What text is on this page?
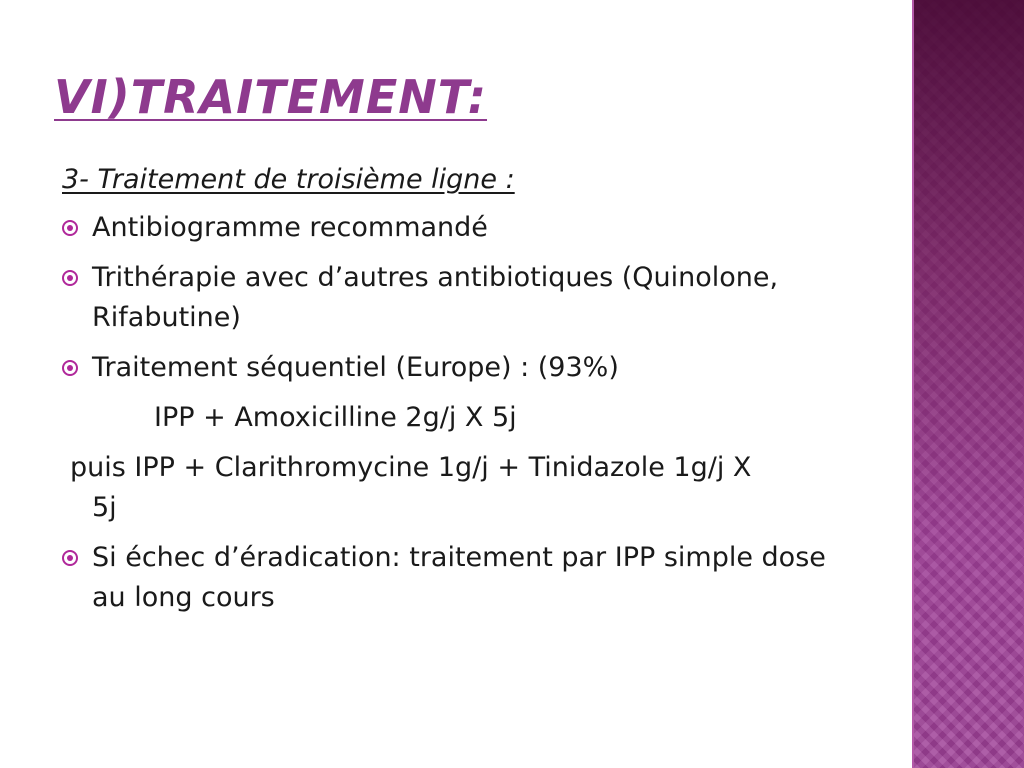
VI)TRAITEMENT:
3- Traitement de troisième ligne :
Antibiogramme recommandé
Trithérapie avec d’autres antibiotiques (Quinolone, Rifabutine)
Traitement séquentiel (Europe) : (93%)
IPP + Amoxicilline 2g/j X 5j
puis IPP + Clarithromycine 1g/j + Tinidazole 1g/j X
5j
Si échec d’éradication: traitement par IPP simple dose au long cours
